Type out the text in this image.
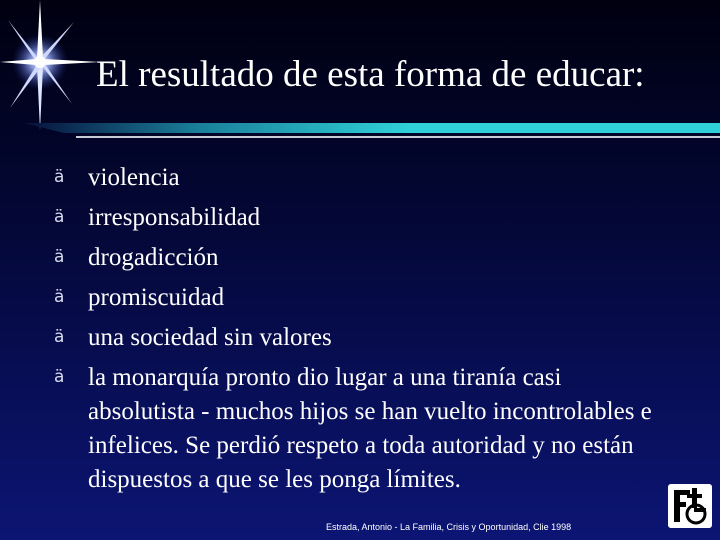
El resultado de esta forma de educar:
ä violencia
ä irresponsabilidad
ä drogadicción
ä promiscuidad
ä una sociedad sin valores
ä la monarquía pronto dio lugar a una tiranía casi absolutista - muchos hijos se han vuelto incontrolables e infelices. Se perdió respeto a toda autoridad y no están dispuestos a que se les ponga límites.
Estrada, Antonio - La Familia, Crisis y Oportunidad, Clie 1998
